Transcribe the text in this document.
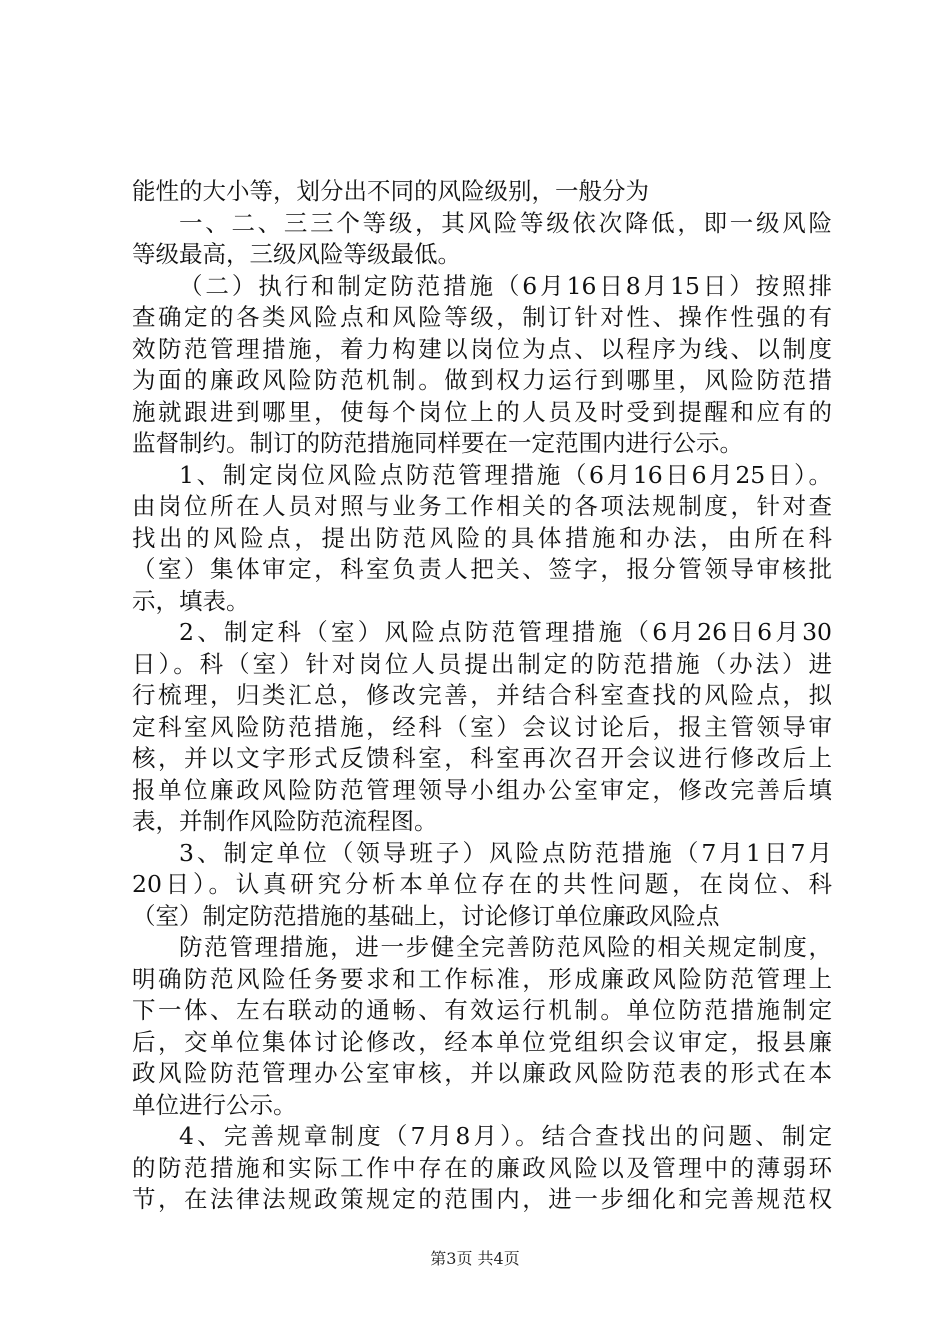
能性的大小等，划分出不同的风险级别，一般分为
一、二、三三个等级，其风险等级依次降低，即一级风险
等级最高，三级风险等级最低。
（二）执行和制定防范措施（6月16日8月15日）按照排
查确定的各类风险点和风险等级，制订针对性、操作性强的有
效防范管理措施，着力构建以岗位为点、以程序为线、以制度
为面的廉政风险防范机制。做到权力运行到哪里，风险防范措
施就跟进到哪里，使每个岗位上的人员及时受到提醒和应有的
监督制约。制订的防范措施同样要在一定范围内进行公示。
1、制定岗位风险点防范管理措施（6月16日6月25日）。
由岗位所在人员对照与业务工作相关的各项法规制度，针对查
找出的风险点，提出防范风险的具体措施和办法，由所在科
（室）集体审定，科室负责人把关、签字，报分管领导审核批
示，填表。
2、制定科（室）风险点防范管理措施（6月26日6月30
日）。科（室）针对岗位人员提出制定的防范措施（办法）进
行梳理，归类汇总，修改完善，并结合科室查找的风险点，拟
定科室风险防范措施，经科（室）会议讨论后，报主管领导审
核，并以文字形式反馈科室，科室再次召开会议进行修改后上
报单位廉政风险防范管理领导小组办公室审定，修改完善后填
表，并制作风险防范流程图。
3、制定单位（领导班子）风险点防范措施（7月1日7月
20日）。认真研究分析本单位存在的共性问题，在岗位、科
（室）制定防范措施的基础上，讨论修订单位廉政风险点
防范管理措施，进一步健全完善防范风险的相关规定制度，
明确防范风险任务要求和工作标准，形成廉政风险防范管理上
下一体、左右联动的通畅、有效运行机制。单位防范措施制定
后，交单位集体讨论修改，经本单位党组织会议审定，报县廉
政风险防范管理办公室审核，并以廉政风险防范表的形式在本
单位进行公示。
4、完善规章制度（7月8月）。结合查找出的问题、制定
的防范措施和实际工作中存在的廉政风险以及管理中的薄弱环
节，在法律法规政策规定的范围内，进一步细化和完善规范权
第3页 共4页
